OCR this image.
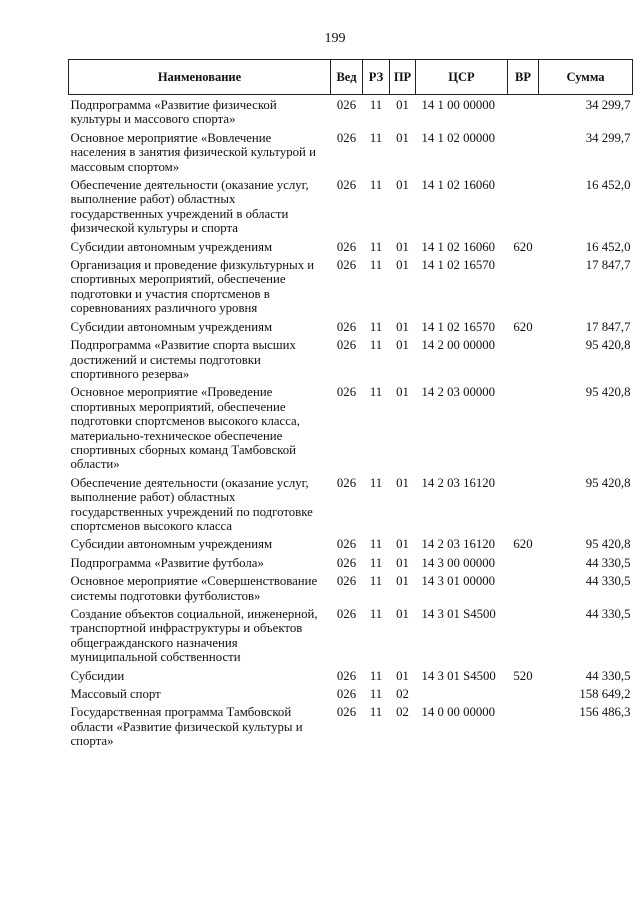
199
Наименование	Вед	РЗ	ПР	ЦСР	ВР	Сумма
Подпрограмма «Развитие физической культуры и массового спорта»	026	11	01	14 1 00 00000		34 299,7
Основное мероприятие «Вовлечение населения в занятия физической культурой и массовым спортом»	026	11	01	14 1 02 00000		34 299,7
Обеспечение деятельности (оказание услуг, выполнение работ) областных государственных учреждений в области физической культуры и спорта	026	11	01	14 1 02 16060		16 452,0
Субсидии автономным учреждениям	026	11	01	14 1 02 16060	620	16 452,0
Организация и проведение физкультурных и спортивных мероприятий, обеспечение подготовки и участия спортсменов в соревнованиях различного уровня	026	11	01	14 1 02 16570		17 847,7
Субсидии автономным учреждениям	026	11	01	14 1 02 16570	620	17 847,7
Подпрограмма «Развитие спорта высших достижений и системы подготовки спортивного резерва»	026	11	01	14 2 00 00000		95 420,8
Основное мероприятие «Проведение спортивных мероприятий, обеспечение подготовки спортсменов высокого класса, материально-техническое обеспечение спортивных сборных команд Тамбовской области»	026	11	01	14 2 03 00000		95 420,8
Обеспечение деятельности (оказание услуг, выполнение работ) областных государственных учреждений по подготовке спортсменов высокого класса	026	11	01	14 2 03 16120		95 420,8
Субсидии автономным учреждениям	026	11	01	14 2 03 16120	620	95 420,8
Подпрограмма «Развитие футбола»	026	11	01	14 3 00 00000		44 330,5
Основное мероприятие «Совершенствование системы подготовки футболистов»	026	11	01	14 3 01 00000		44 330,5
Создание объектов социальной, инженерной, транспортной инфраструктуры и объектов общегражданского назначения муниципальной собственности	026	11	01	14 3 01 S4500		44 330,5
Субсидии	026	11	01	14 3 01 S4500	520	44 330,5
Массовый спорт	026	11	02			158 649,2
Государственная программа Тамбовской области «Развитие физической культуры и спорта»	026	11	02	14 0 00 00000		156 486,3
